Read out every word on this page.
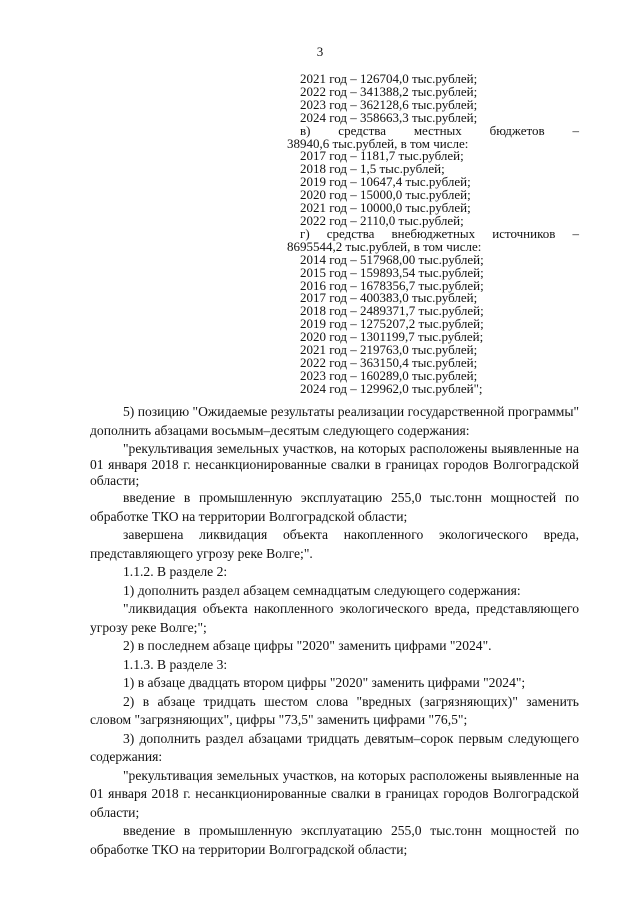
3
2021 год – 126704,0 тыс.рублей;
2022 год – 341388,2 тыс.рублей;
2023 год – 362128,6 тыс.рублей;
2024 год – 358663,3 тыс.рублей;
в) средства местных бюджетов –
38940,6 тыс.рублей, в том числе:
2017 год – 1181,7 тыс.рублей;
2018 год – 1,5 тыс.рублей;
2019 год – 10647,4 тыс.рублей;
2020 год – 15000,0 тыс.рублей;
2021 год – 10000,0 тыс.рублей;
2022 год – 2110,0 тыс.рублей;
г) средства внебюджетных источников –
8695544,2 тыс.рублей, в том числе:
2014 год – 517968,00 тыс.рублей;
2015 год – 159893,54 тыс.рублей;
2016 год – 1678356,7 тыс.рублей;
2017 год – 400383,0 тыс.рублей;
2018 год – 2489371,7 тыс.рублей;
2019 год – 1275207,2 тыс.рублей;
2020 год – 1301199,7 тыс.рублей;
2021 год – 219763,0 тыс.рублей;
2022 год – 363150,4 тыс.рублей;
2023 год – 160289,0 тыс.рублей;
2024 год – 129962,0 тыс.рублей";

5) позицию "Ожидаемые результаты реализации государственной программы" дополнить абзацами восьмым–десятым следующего содержания:

"рекультивация земельных участков, на которых расположены выявленные на 01 января 2018 г. несанкционированные свалки в границах городов Волгоградской области;

введение в промышленную эксплуатацию 255,0 тыс.тонн мощностей по обработке ТКО на территории Волгоградской области;

завершена ликвидация объекта накопленного экологического вреда, представляющего угрозу реке Волге;".

1.1.2. В разделе 2:

1) дополнить раздел абзацем семнадцатым следующего содержания:

"ликвидация объекта накопленного экологического вреда, представляющего угрозу реке Волге;";

2) в последнем абзаце цифры "2020" заменить цифрами "2024".

1.1.3. В разделе 3:

1) в абзаце двадцать втором цифры "2020" заменить цифрами "2024";

2) в абзаце тридцать шестом слова "вредных (загрязняющих)" заменить словом "загрязняющих", цифры "73,5" заменить цифрами "76,5";

3) дополнить раздел абзацами тридцать девятым–сорок первым следующего содержания:

"рекультивация земельных участков, на которых расположены выявленные на 01 января 2018 г. несанкционированные свалки в границах городов Волгоградской области;

введение в промышленную эксплуатацию 255,0 тыс.тонн мощностей по обработке ТКО на территории Волгоградской области;
